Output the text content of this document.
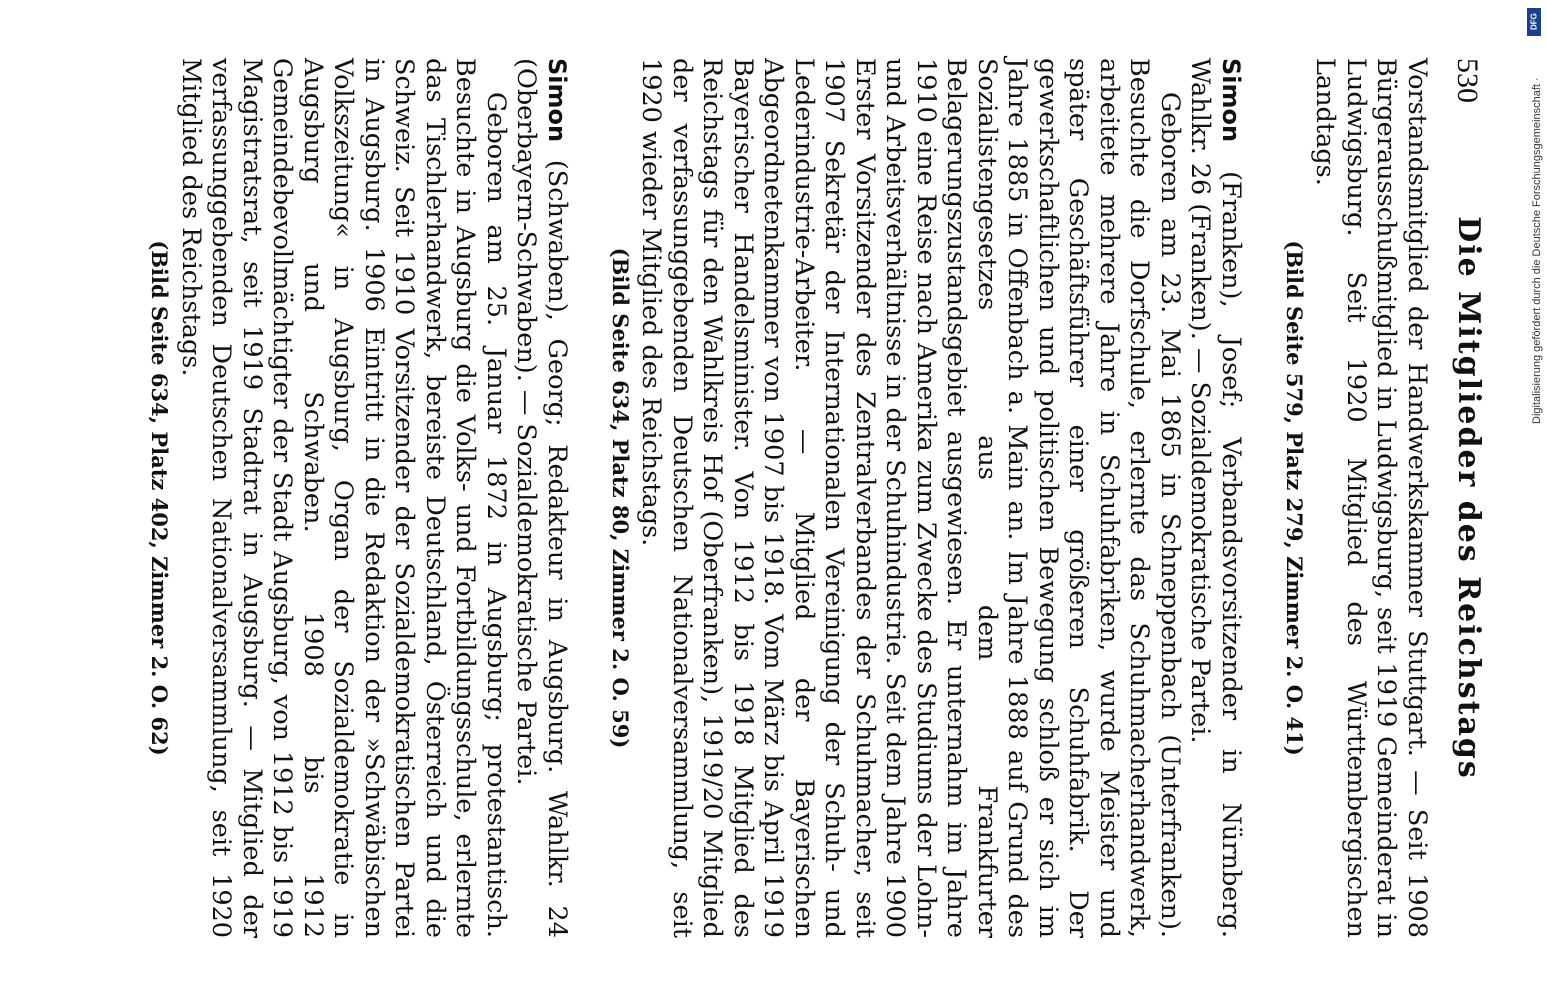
530
Die Mitglieder des Reichstags

Vorstandsmitglied der Handwerkskammer Stuttgart. — Seit 1908 Bürgerausschußmitglied in Ludwigsburg, seit 1919 Gemeinderat in Ludwigsburg. Seit 1920 Mitglied des Württembergischen Landtags.

(Bild Seite 579, Platz 279, Zimmer 2. O. 41)

Simon (Franken), Josef; Verbandsvorsitzender in Nürnberg. Wahlkr. 26 (Franken). — Sozialdemokratische Partei.

Geboren am 23. Mai 1865 in Schneppenbach (Unterfranken). Besuchte die Dorfschule, erlernte das Schuhmacherhandwerk, arbeitete mehrere Jahre in Schuhfabriken, wurde Meister und später Geschäftsführer einer größeren Schuhfabrik. Der gewerkschaftlichen und politischen Bewegung schloß er sich im Jahre 1885 in Offenbach a. Main an. Im Jahre 1888 auf Grund des Sozialistengesetzes aus dem Frankfurter Belagerungszustandsgebiet ausgewiesen. Er unternahm im Jahre 1910 eine Reise nach Amerika zum Zwecke des Studiums der Lohn- und Arbeitsverhältnisse in der Schuhindustrie. Seit dem Jahre 1900 Erster Vorsitzender des Zentralverbandes der Schuhmacher, seit 1907 Sekretär der Internationalen Vereinigung der Schuh- und Lederindustrie-Arbeiter. — Mitglied der Bayerischen Abgeordnetenkammer von 1907 bis 1918. Vom März bis April 1919 Bayerischer Handelsminister. Von 1912 bis 1918 Mitglied des Reichstags für den Wahlkreis Hof (Oberfranken), 1919/20 Mitglied der verfassunggebenden Deutschen Nationalversammlung, seit 1920 wieder Mitglied des Reichstags.

(Bild Seite 634, Platz 80, Zimmer 2. O. 59)

Simon (Schwaben), Georg; Redakteur in Augsburg. Wahlkr. 24 (Oberbayern-Schwaben). — Sozialdemokratische Partei.

Geboren am 25. Januar 1872 in Augsburg; protestantisch. Besuchte in Augsburg die Volks- und Fortbildungsschule, erlernte das Tischlerhandwerk, bereiste Deutschland, Österreich und die Schweiz. Seit 1910 Vorsitzender der Sozialdemokratischen Partei in Augsburg. 1906 Eintritt in die Redaktion der »Schwäbischen Volkszeitung« in Augsburg, Organ der Sozialdemokratie in Augsburg und Schwaben. 1908 bis 1912 Gemeindebevollmächtigter der Stadt Augsburg, von 1912 bis 1919 Magistratsrat, seit 1919 Stadtrat in Augsburg. — Mitglied der verfassunggebenden Deutschen Nationalversammlung, seit 1920 Mitglied des Reichstags.

(Bild Seite 634, Platz 402, Zimmer 2. O. 62)

DFG
Digitalisierung gefördert durch die Deutsche Forschungsgemeinschaft ·
